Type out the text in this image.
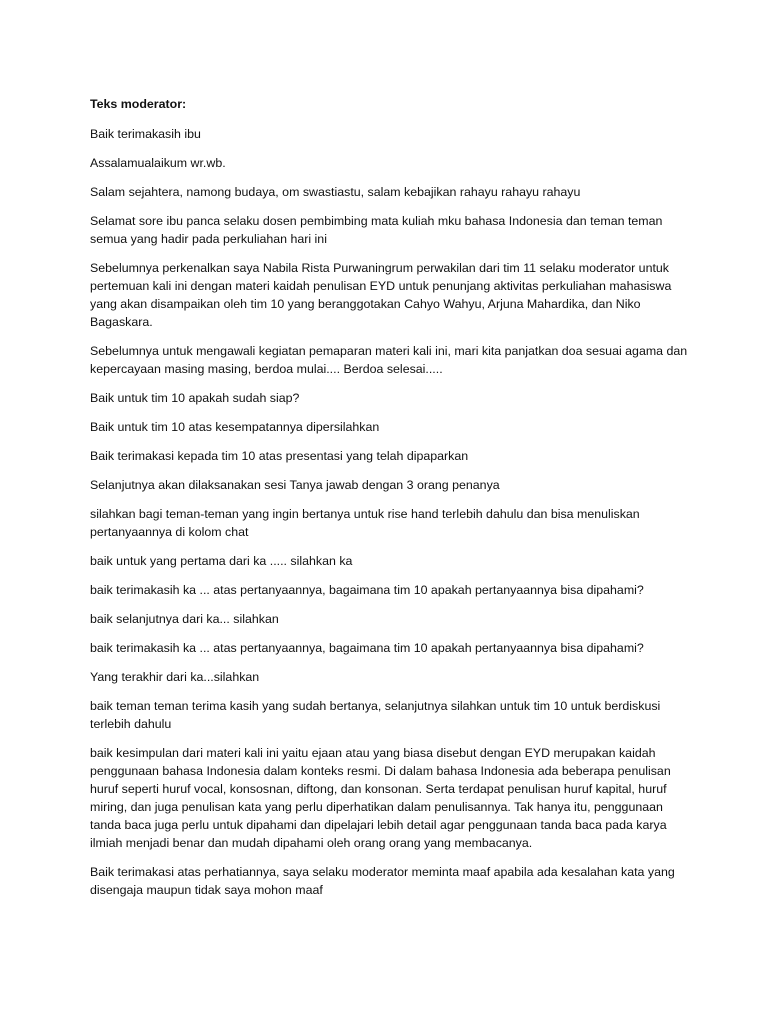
Teks moderator:

Baik terimakasih ibu

Assalamualaikum wr.wb.

Salam sejahtera, namong budaya, om swastiastu, salam kebajikan rahayu rahayu rahayu

Selamat sore ibu panca selaku dosen pembimbing mata kuliah mku bahasa Indonesia dan teman teman semua yang hadir pada perkuliahan hari ini

Sebelumnya perkenalkan saya Nabila Rista Purwaningrum perwakilan dari tim 11 selaku moderator untuk pertemuan kali ini dengan materi kaidah penulisan EYD untuk penunjang aktivitas perkuliahan mahasiswa yang akan disampaikan oleh tim 10 yang beranggotakan Cahyo Wahyu, Arjuna Mahardika, dan Niko Bagaskara.

Sebelumnya untuk mengawali kegiatan pemaparan materi kali ini, mari kita panjatkan doa sesuai agama dan kepercayaan masing masing, berdoa mulai.... Berdoa selesai.....

Baik untuk tim 10 apakah sudah siap?

Baik untuk tim 10 atas kesempatannya dipersilahkan

Baik terimakasi kepada tim 10 atas presentasi yang telah dipaparkan

Selanjutnya akan dilaksanakan sesi Tanya jawab dengan 3 orang penanya

silahkan bagi teman-teman yang ingin bertanya untuk rise hand terlebih dahulu dan bisa menuliskan pertanyaannya di kolom chat

baik untuk yang pertama dari ka ..... silahkan ka

baik terimakasih ka ... atas pertanyaannya, bagaimana tim 10 apakah pertanyaannya bisa dipahami?

baik selanjutnya dari ka... silahkan

baik terimakasih ka ... atas pertanyaannya, bagaimana tim 10 apakah pertanyaannya bisa dipahami?

Yang terakhir dari ka...silahkan

baik teman teman terima kasih yang sudah bertanya, selanjutnya silahkan untuk tim 10 untuk berdiskusi terlebih dahulu

baik kesimpulan dari materi kali ini yaitu ejaan atau yang biasa disebut dengan EYD merupakan kaidah penggunaan bahasa Indonesia dalam konteks resmi. Di dalam bahasa Indonesia ada beberapa penulisan huruf seperti huruf vocal, konsosnan, diftong, dan konsonan. Serta terdapat penulisan huruf kapital, huruf miring, dan juga penulisan kata yang perlu diperhatikan dalam penulisannya. Tak hanya itu, penggunaan tanda baca juga perlu untuk dipahami dan dipelajari lebih detail agar penggunaan tanda baca pada karya ilmiah menjadi benar dan mudah dipahami oleh orang orang yang membacanya.

Baik terimakasi atas perhatiannya, saya selaku moderator meminta maaf apabila ada kesalahan kata yang disengaja maupun tidak saya mohon maaf
